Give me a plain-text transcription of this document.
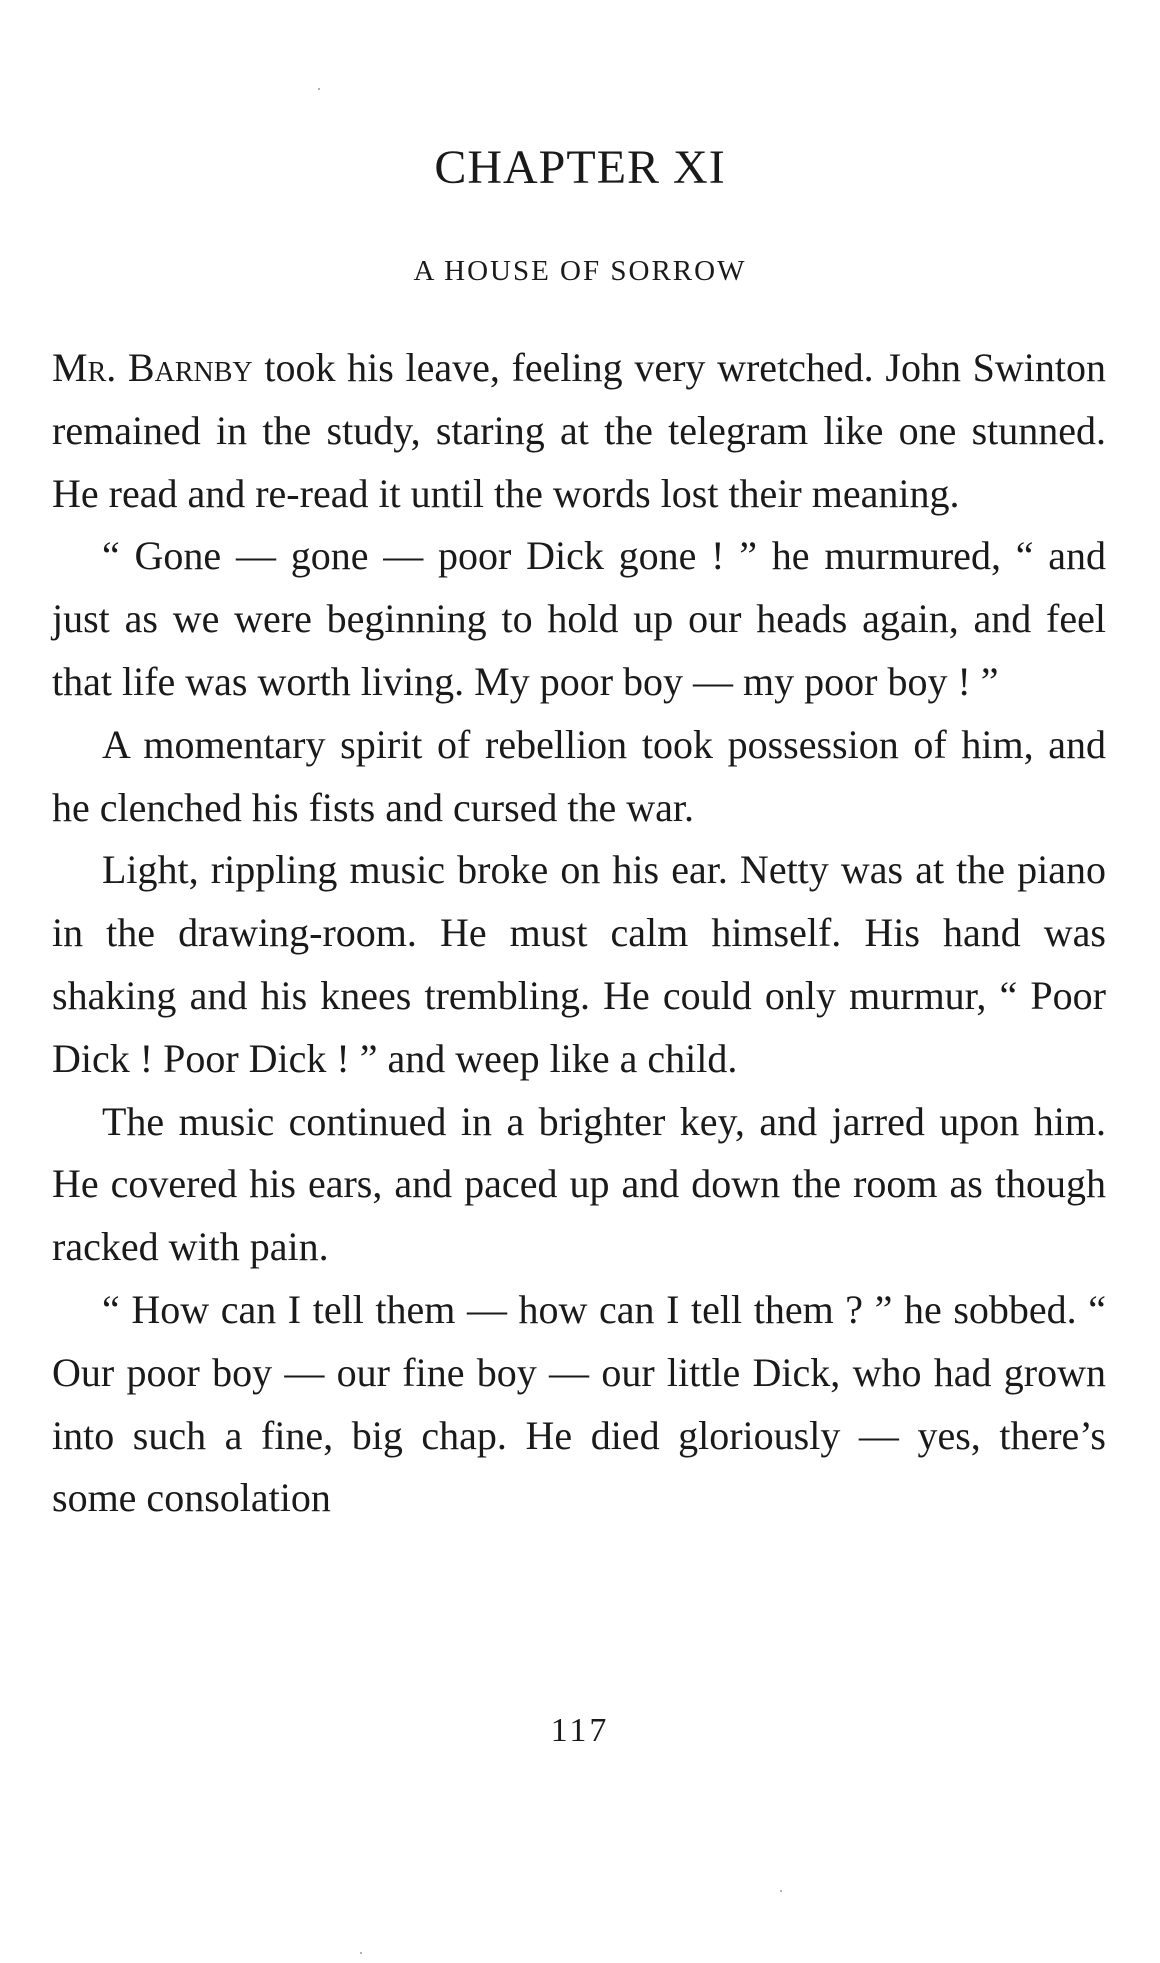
CHAPTER XI
A HOUSE OF SORROW

Mr. Barnby took his leave, feeling very wretched. John Swinton remained in the study, staring at the telegram like one stunned. He read and re-read it until the words lost their meaning.

“ Gone — gone — poor Dick gone ! ” he murmured, “ and just as we were beginning to hold up our heads again, and feel that life was worth living. My poor boy — my poor boy ! ”

A momentary spirit of rebellion took possession of him, and he clenched his fists and cursed the war.

Light, rippling music broke on his ear. Netty was at the piano in the drawing-room. He must calm himself. His hand was shaking and his knees trembling. He could only murmur, “ Poor Dick ! Poor Dick ! ” and weep like a child.

The music continued in a brighter key, and jarred upon him. He covered his ears, and paced up and down the room as though racked with pain.

“ How can I tell them — how can I tell them ? ” he sobbed. “ Our poor boy — our fine boy — our little Dick, who had grown into such a fine, big chap. He died gloriously — yes, there’s some consolation

117
